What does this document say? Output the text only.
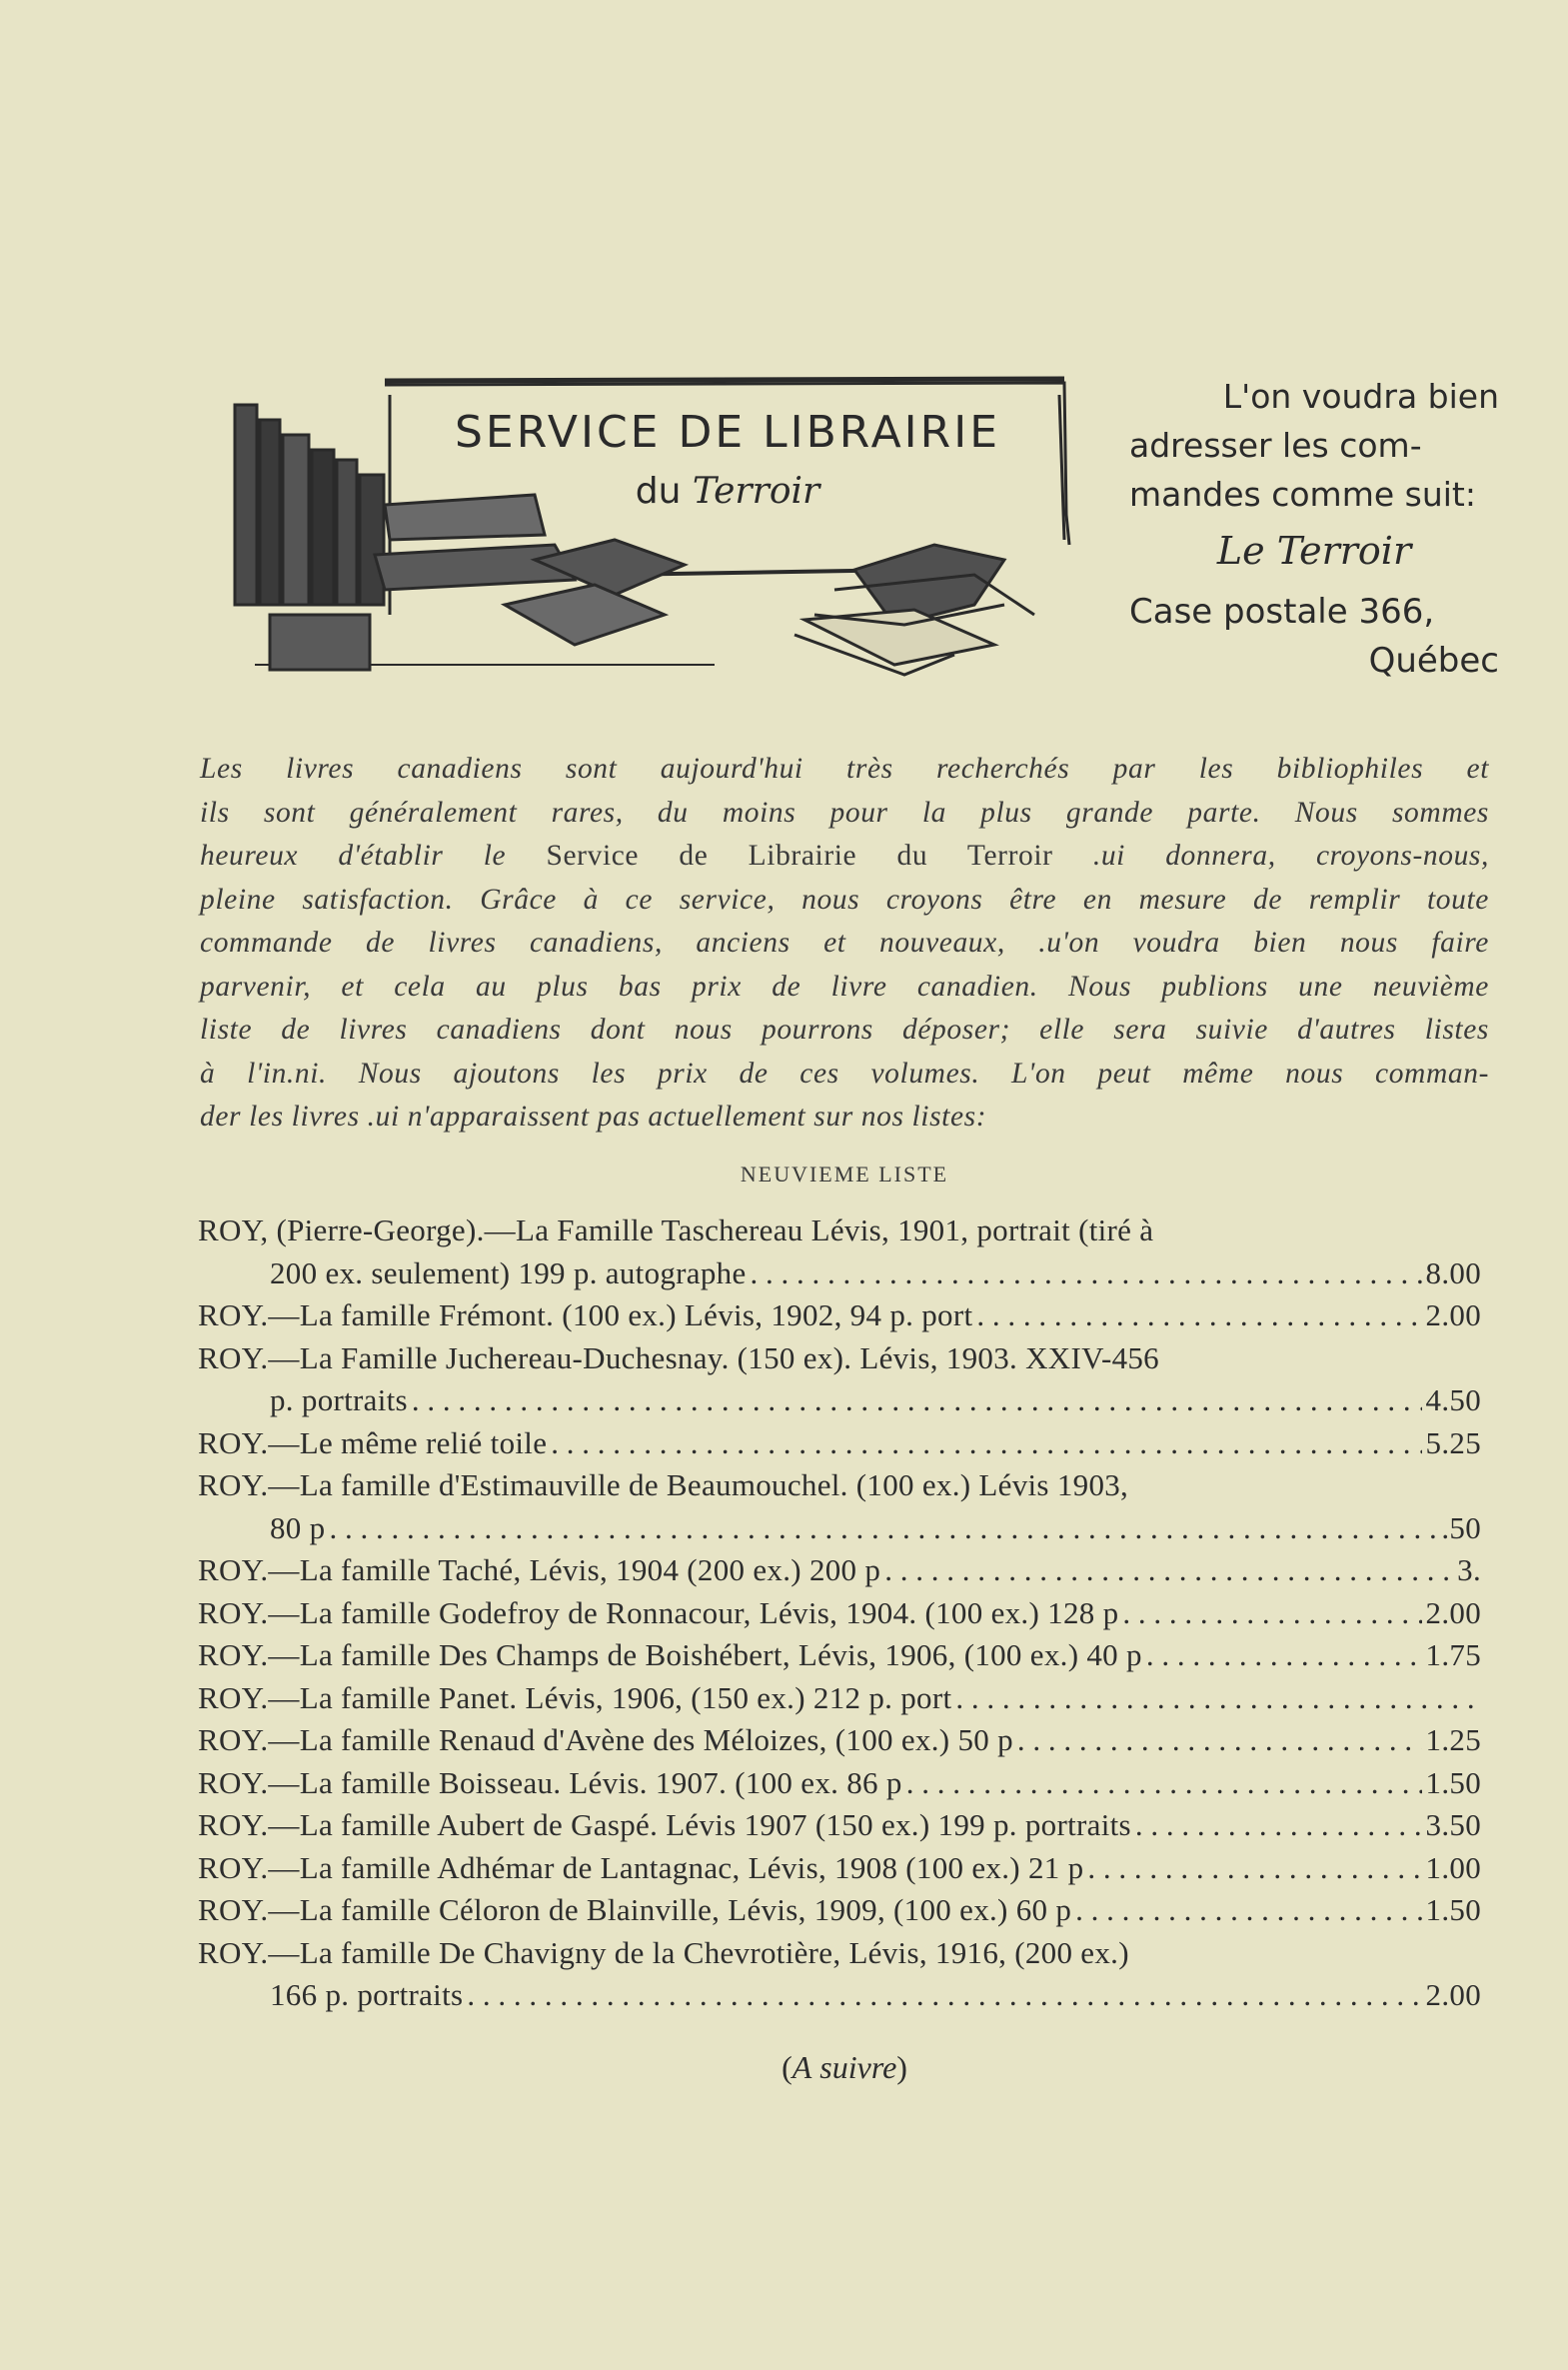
SERVICE DE LIBRAIRIE
du Terroir
L'on voudra bien
adresser les com-
mandes comme suit:
Le Terroir
Case postale 366,
Québec

Les livres canadiens sont aujourd'hui très recherchés par les bibliophiles et

ils sont généralement rares, du moins pour la plus grande parte. Nous sommes

heureux d'établir le Service de Librairie du Terroir .ui donnera, croyons-nous,

pleine satisfaction. Grâce à ce service, nous croyons être en mesure de remplir toute

commande de livres canadiens, anciens et nouveaux, .u'on voudra bien nous faire

parvenir, et cela au plus bas prix de livre canadien. Nous publions une neuvième

liste de livres canadiens dont nous pourrons déposer; elle sera suivie d'autres listes

à l'in.ni. Nous ajoutons les prix de ces volumes. L'on peut même nous comman-

der les livres .ui n'apparaissent pas actuellement sur nos listes:

NEUVIEME LISTE
ROY, (Pierre-George).—La Famille Taschereau Lévis, 1901, portrait (tiré à
200 ex. seulement) 199 p. autographe . . .	8.00
ROY.—La famille Frémont. (100 ex.) Lévis, 1902, 94 p. port . . .	2.00
ROY.—La Famille Juchereau-Duchesnay. (150 ex). Lévis, 1903. XXIV-456
p. portraits . . .	4.50
ROY.—Le même relié toile . . .	5.25
ROY.—La famille d'Estimauville de Beaumouchel. (100 ex.) Lévis 1903,
80 p . . .	.50
ROY.—La famille Taché, Lévis, 1904 (200 ex.) 200 p . . .	3.
ROY.—La famille Godefroy de Ronnacour, Lévis, 1904. (100 ex.) 128 p . . .	2.00
ROY.—La famille Des Champs de Boishébert, Lévis, 1906, (100 ex.) 40 p . . .	1.75
ROY.—La famille Panet. Lévis, 1906, (150 ex.) 212 p. port
. . .
ROY.—La famille Renaud d'Avène des Méloizes, (100 ex.) 50 p . . .	1.25
ROY.—La famille Boisseau. Lévis. 1907. (100 ex. 86 p . . .	1.50
ROY.—La famille Aubert de Gaspé. Lévis 1907 (150 ex.) 199 p. portraits . . .	3.50
ROY.—La famille Adhémar de Lantagnac, Lévis, 1908 (100 ex.) 21 p . . .	1.00
ROY.—La famille Céloron de Blainville, Lévis, 1909, (100 ex.) 60 p . . .	1.50
ROY.—La famille De Chavigny de la Chevrotière, Lévis, 1916, (200 ex.)
166 p. portraits . . .	2.00
(A suivre)
